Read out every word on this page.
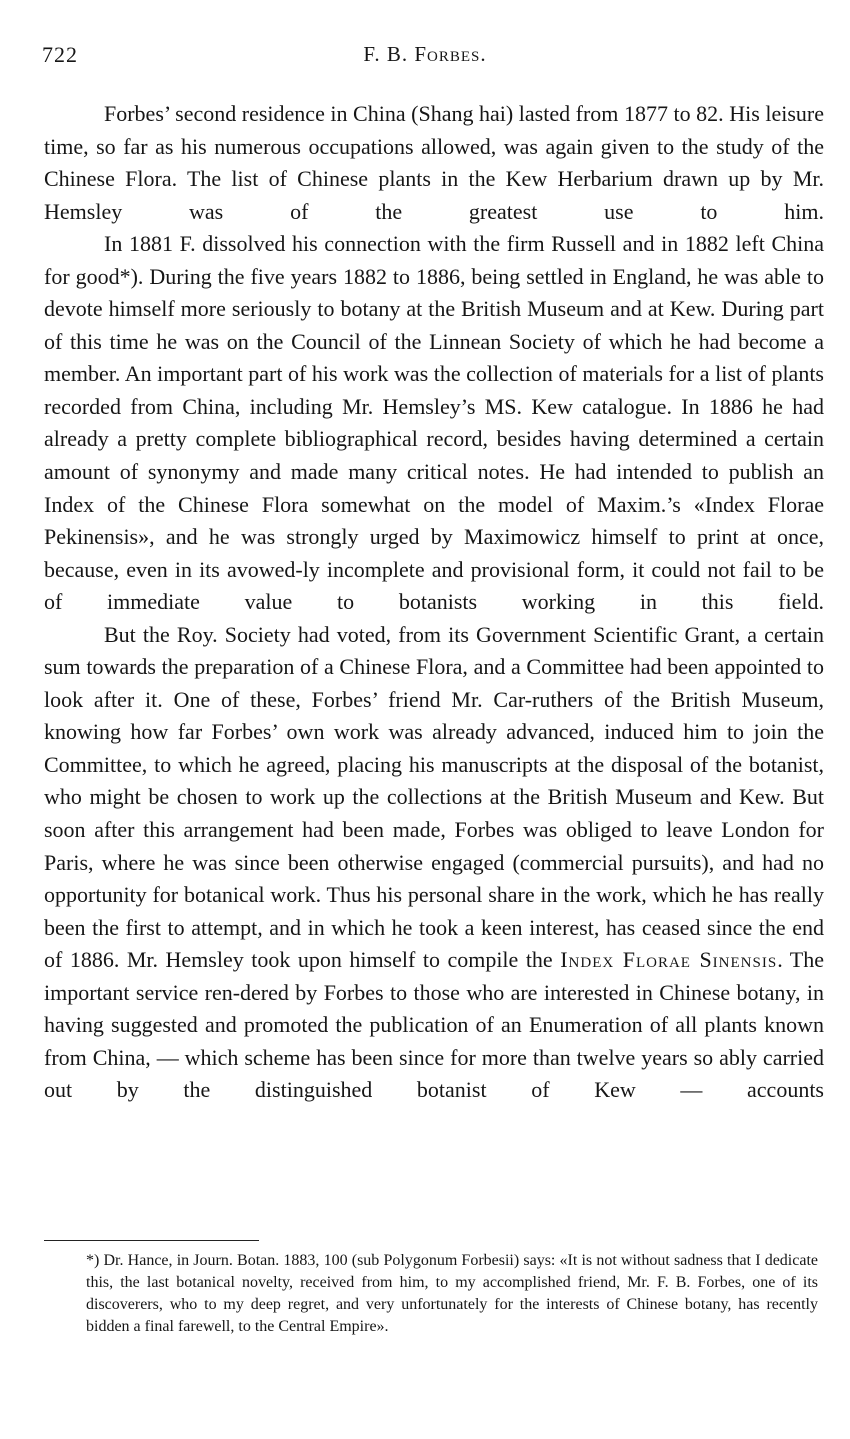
722	F. B. Forbes.

Forbes’ second residence in China (Shang hai) lasted from 1877 to 82. His leisure time, so far as his numerous occupations allowed, was again given to the study of the Chinese Flora. The list of Chinese plants in the Kew Herbarium drawn up by Mr. Hemsley was of the greatest use to him.

In 1881 F. dissolved his connection with the firm Russell and in 1882 left China for good*). During the five years 1882 to 1886, being settled in England, he was able to devote himself more seriously to botany at the British Museum and at Kew. During part of this time he was on the Council of the Linnean Society of which he had become a member. An important part of his work was the collection of materials for a list of plants recorded from China, including Mr. Hemsley’s MS. Kew catalogue. In 1886 he had already a pretty complete bibliographical record, besides having determined a certain amount of synonymy and made many critical notes. He had intended to publish an Index of the Chinese Flora somewhat on the model of Maxim.’s «Index Florae Pekinensis», and he was strongly urged by Maximowicz himself to print at once, because, even in its avowed-ly incomplete and provisional form, it could not fail to be of immediate value to botanists working in this field.

But the Roy. Society had voted, from its Government Scientific Grant, a certain sum towards the preparation of a Chinese Flora, and a Committee had been appointed to look after it. One of these, Forbes’ friend Mr. Car-ruthers of the British Museum, knowing how far Forbes’ own work was already advanced, induced him to join the Committee, to which he agreed, placing his manuscripts at the disposal of the botanist, who might be chosen to work up the collections at the British Museum and Kew. But soon after this arrangement had been made, Forbes was obliged to leave London for Paris, where he was since been otherwise engaged (commercial pursuits), and had no opportunity for botanical work. Thus his personal share in the work, which he has really been the first to attempt, and in which he took a keen interest, has ceased since the end of 1886. Mr. Hemsley took upon himself to compile the Index Florae Sinensis. The important service ren-dered by Forbes to those who are interested in Chinese botany, in having suggested and promoted the publication of an Enumeration of all plants known from China, — which scheme has been since for more than twelve years so ably carried out by the distinguished botanist of Kew — accounts

*) Dr. Hance, in Journ. Botan. 1883, 100 (sub Polygonum Forbesii) says: «It is not without sadness that I dedicate this, the last botanical novelty, received from him, to my accomplished friend, Mr. F. B. Forbes, one of its discoverers, who to my deep regret, and very unfortunately for the interests of Chinese botany, has recently bidden a final farewell, to the Central Empire».
